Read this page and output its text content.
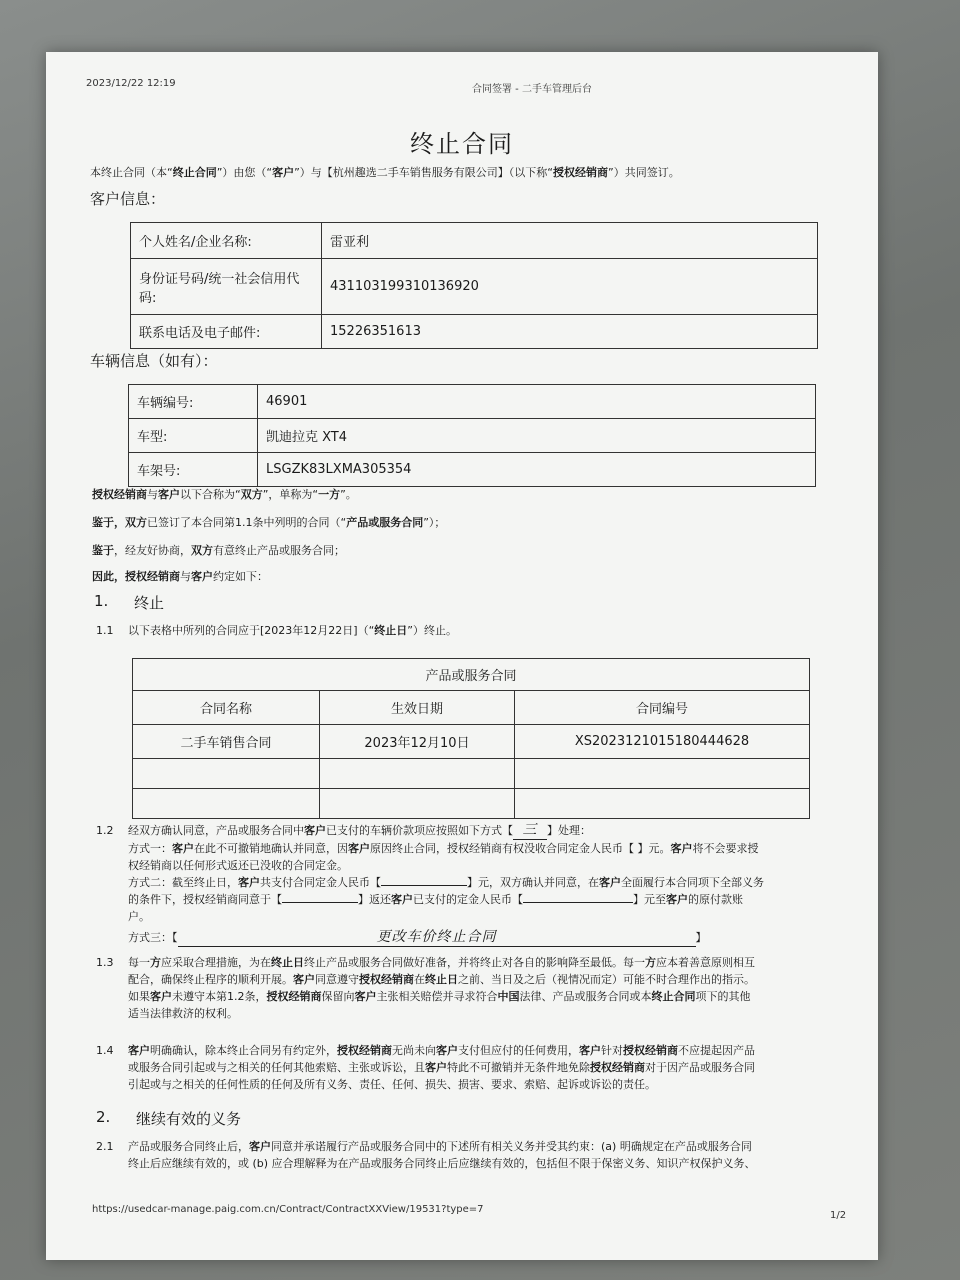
2023/12/22 12:19
合同签署 - 二手车管理后台
终止合同
本终止合同（本“终止合同”）由您（“客户”）与【杭州趣选二手车销售服务有限公司】（以下称“授权经销商”）共同签订。
客户信息：
个人姓名/企业名称:	雷亚利
身份证号码/统一社会信用代码:	431103199310136920
联系电话及电子邮件:	15226351613
车辆信息（如有）：
车辆编号:	46901
车型:	凯迪拉克 XT4
车架号:	LSGZK83LXMA305354
授权经销商与客户以下合称为“双方”，单称为“一方”。
鉴于，双方已签订了本合同第1.1条中列明的合同（“产品或服务合同”）；
鉴于，经友好协商，双方有意终止产品或服务合同；
因此，授权经销商与客户约定如下：
1. 终止
1.1 以下表格中所列的合同应于[2023年12月22日]（“终止日”）终止。
产品或服务合同		
合同名称	生效日期	合同编号
二手车销售合同	2023年12月10日	XS2023121015180444628

1.2 经双方确认同意，产品或服务合同中客户已支付的车辆价款项应按照如下方式【 三 】处理：
方式一：客户在此不可撤销地确认并同意，因客户原因终止合同，授权经销商有权没收合同定金人民币【 】元。客户将不会要求授
权经销商以任何形式返还已没收的合同定金。
方式二：截至终止日，客户共支付合同定金人民币【	】元，双方确认并同意，在客户全面履行本合同项下全部义务
的条件下，授权经销商同意于【	】返还客户已支付的定金人民币【	】元至客户的原付款账
户。
方式三：【	更改车价终止合同	】
1.3 每一方应采取合理措施，为在终止日终止产品或服务合同做好准备，并将终止对各自的影响降至最低。每一方应本着善意原则相互
配合，确保终止程序的顺利开展。客户同意遵守授权经销商在终止日之前、当日及之后（视情况而定）可能不时合理作出的指示。
如果客户未遵守本第1.2条，授权经销商保留向客户主张相关赔偿并寻求符合中国法律、产品或服务合同或本终止合同项下的其他
适当法律救济的权利。
1.4 客户明确确认，除本终止合同另有约定外，授权经销商无尚未向客户支付但应付的任何费用，客户针对授权经销商不应提起因产品
或服务合同引起或与之相关的任何其他索赔、主张或诉讼，且客户特此不可撤销并无条件地免除授权经销商对于因产品或服务合同
引起或与之相关的任何性质的任何及所有义务、责任、任何、损失、损害、要求、索赔、起诉或诉讼的责任。
2. 继续有效的义务
2.1 产品或服务合同终止后，客户同意并承诺履行产品或服务合同中的下述所有相关义务并受其约束：(a) 明确规定在产品或服务合同
终止后应继续有效的，或 (b) 应合理解释为在产品或服务合同终止后应继续有效的，包括但不限于保密义务、知识产权保护义务、
https://usedcar-manage.paig.com.cn/Contract/ContractXXView/19531?type=7
1/2
